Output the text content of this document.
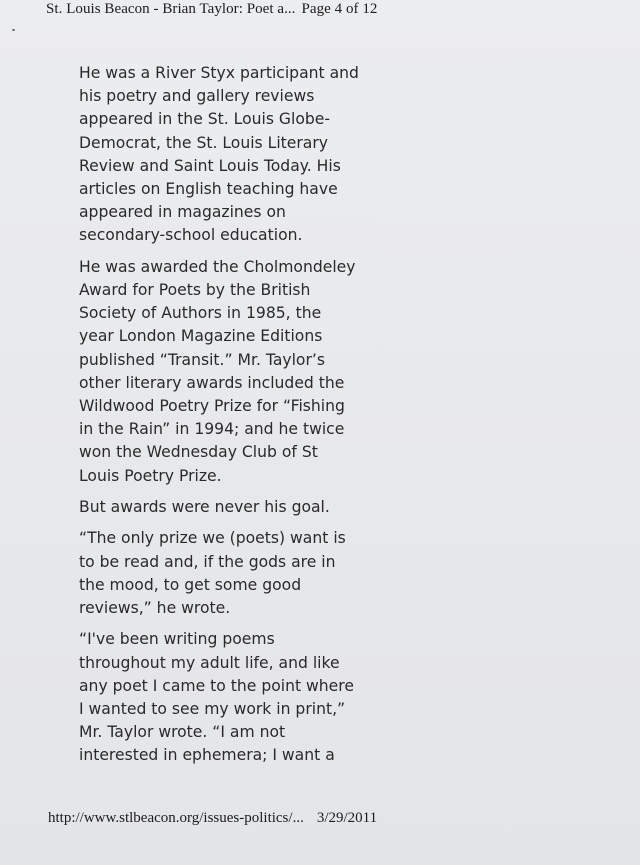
St. Louis Beacon - Brian Taylor: Poet a... Page 4 of 12

He was a River Styx participant and
his poetry and gallery reviews
appeared in the St. Louis Globe-
Democrat, the St. Louis Literary
Review and Saint Louis Today. His
articles on English teaching have
appeared in magazines on
secondary-school education.

He was awarded the Cholmondeley
Award for Poets by the British
Society of Authors in 1985, the
year London Magazine Editions
published “Transit.” Mr. Taylor’s
other literary awards included the
Wildwood Poetry Prize for “Fishing
in the Rain” in 1994; and he twice
won the Wednesday Club of St
Louis Poetry Prize.

But awards were never his goal.

“The only prize we (poets) want is
to be read and, if the gods are in
the mood, to get some good
reviews,” he wrote.

“I've been writing poems
throughout my adult life, and like
any poet I came to the point where
I wanted to see my work in print,”
Mr. Taylor wrote. “I am not
interested in ephemera; I want a

http://www.stlbeacon.org/issues-politics/... 3/29/2011
